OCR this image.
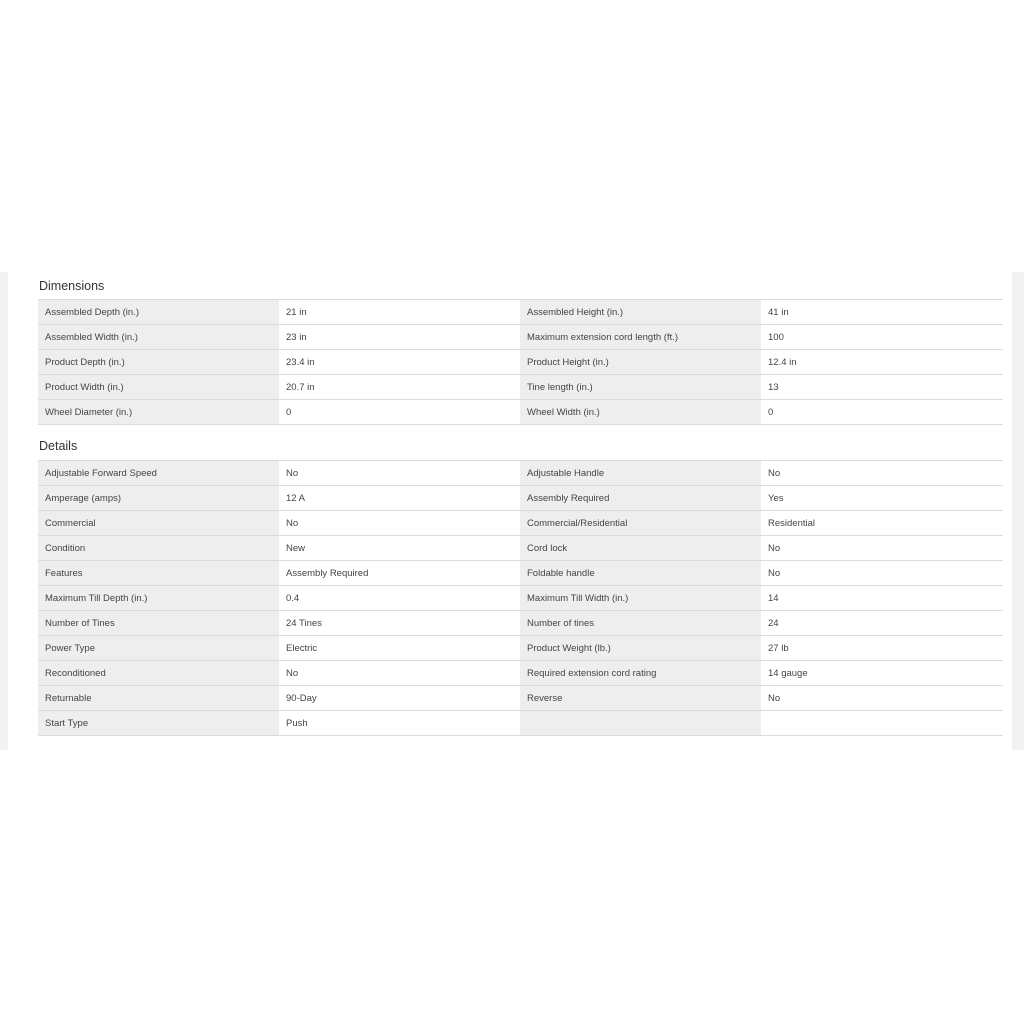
Dimensions
Assembled Depth (in.)	21 in	Assembled Height (in.)	41 in
Assembled Width (in.)	23 in	Maximum extension cord length (ft.)	100
Product Depth (in.)	23.4 in	Product Height (in.)	12.4 in
Product Width (in.)	20.7 in	Tine length (in.)	13
Wheel Diameter (in.)	0	Wheel Width (in.)	0
Details
Adjustable Forward Speed	No	Adjustable Handle	No
Amperage (amps)	12 A	Assembly Required	Yes
Commercial	No	Commercial/Residential	Residential
Condition	New	Cord lock	No
Features	Assembly Required	Foldable handle	No
Maximum Till Depth (in.)	0.4	Maximum Till Width (in.)	14
Number of Tines	24 Tines	Number of tines	24
Power Type	Electric	Product Weight (lb.)	27 lb
Reconditioned	No	Required extension cord rating	14 gauge
Returnable	90-Day	Reverse	No
Start Type	Push		
